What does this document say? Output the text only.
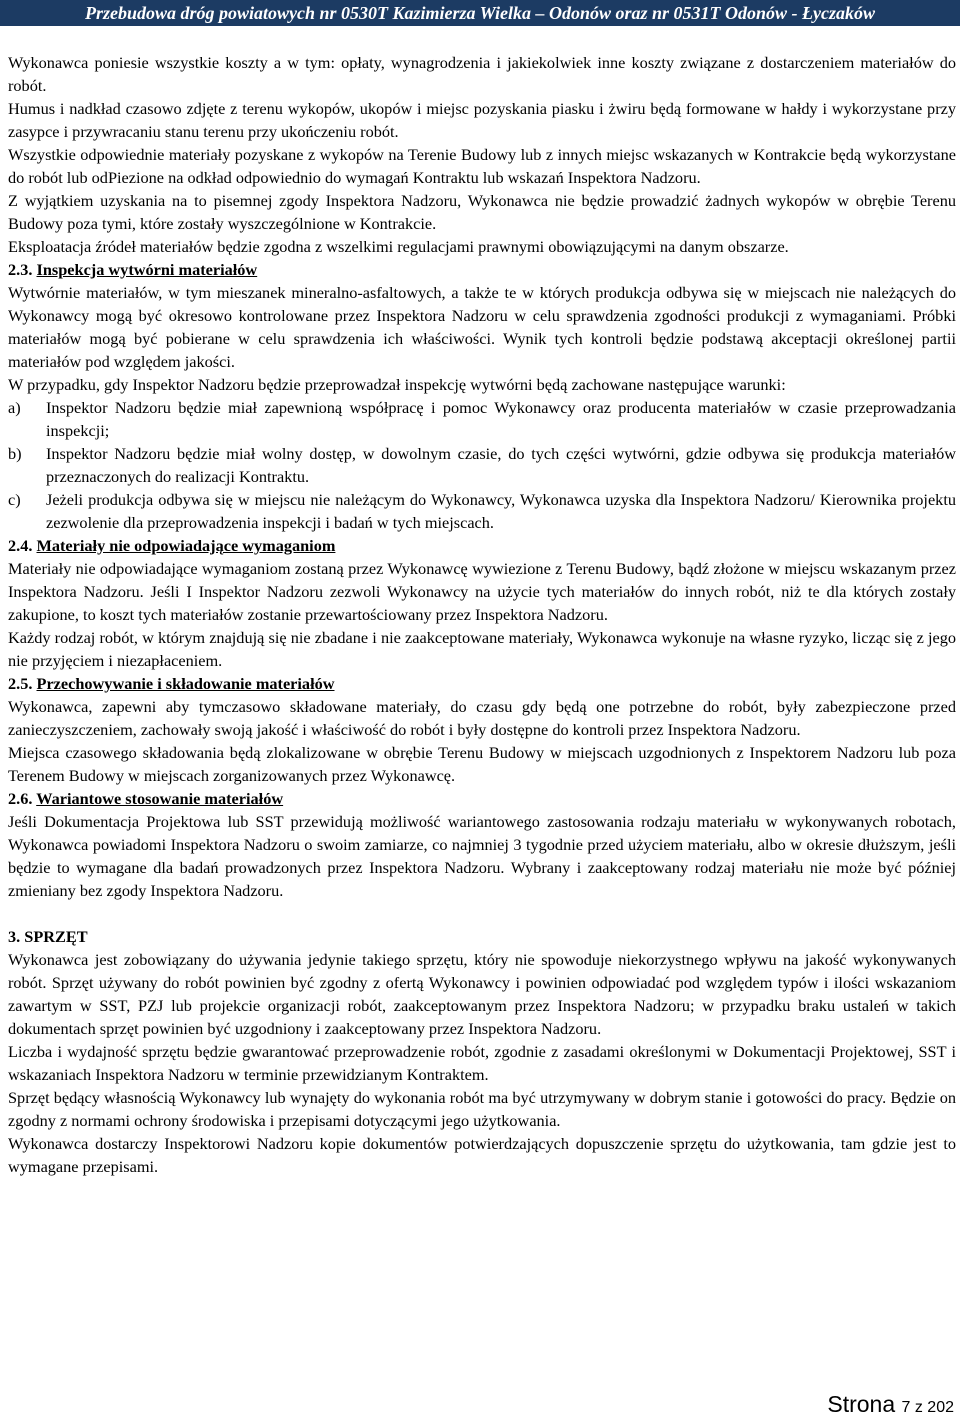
Przebudowa dróg powiatowych nr 0530T Kazimierza Wielka – Odonów oraz nr 0531T Odonów - Łyczaków

Wykonawca poniesie wszystkie koszty a w tym: opłaty, wynagrodzenia i jakiekolwiek inne koszty związane z dostarczeniem materiałów do robót.

Humus i nadkład czasowo zdjęte z terenu wykopów, ukopów i miejsc pozyskania piasku i żwiru będą formowane w hałdy i wykorzystane przy zasypce i przywracaniu stanu terenu przy ukończeniu robót.

Wszystkie odpowiednie materiały pozyskane z wykopów na Terenie Budowy lub z innych miejsc wskazanych w Kontrakcie będą wykorzystane do robót lub odPiezione na odkład odpowiednio do wymagań Kontraktu lub wskazań Inspektora Nadzoru.

Z wyjątkiem uzyskania na to pisemnej zgody Inspektora Nadzoru, Wykonawca nie będzie prowadzić żadnych wykopów w obrębie Terenu Budowy poza tymi, które zostały wyszczególnione w Kontrakcie.

Eksploatacja źródeł materiałów będzie zgodna z wszelkimi regulacjami prawnymi obowiązującymi na danym obszarze.

2.3. Inspekcja wytwórni materiałów

Wytwórnie materiałów, w tym mieszanek mineralno-asfaltowych, a także te w których produkcja odbywa się w miejscach nie należących do Wykonawcy mogą być okresowo kontrolowane przez Inspektora Nadzoru w celu sprawdzenia zgodności produkcji z wymaganiami. Próbki materiałów mogą być pobierane w celu sprawdzenia ich właściwości. Wynik tych kontroli będzie podstawą akceptacji określonej partii materiałów pod względem jakości.

W przypadku, gdy Inspektor Nadzoru będzie przeprowadzał inspekcję wytwórni będą zachowane następujące warunki:

a)	Inspektor Nadzoru będzie miał zapewnioną współpracę i pomoc Wykonawcy oraz producenta materiałów w czasie przeprowadzania inspekcji;
b)	Inspektor Nadzoru będzie miał wolny dostęp, w dowolnym czasie, do tych części wytwórni, gdzie odbywa się produkcja materiałów przeznaczonych do realizacji Kontraktu.
c)	Jeżeli produkcja odbywa się w miejscu nie należącym do Wykonawcy, Wykonawca uzyska dla Inspektora Nadzoru/ Kierownika projektu zezwolenie dla przeprowadzenia inspekcji i badań w tych miejscach.
2.4. Materiały nie odpowiadające wymaganiom

Materiały nie odpowiadające wymaganiom zostaną przez Wykonawcę wywiezione z Terenu Budowy, bądź złożone w miejscu wskazanym przez Inspektora Nadzoru. Jeśli I Inspektor Nadzoru zezwoli Wykonawcy na użycie tych materiałów do innych robót, niż te dla których zostały zakupione, to koszt tych materiałów zostanie przewartościowany przez Inspektora Nadzoru.

Każdy rodzaj robót, w którym znajdują się nie zbadane i nie zaakceptowane materiały, Wykonawca wykonuje na własne ryzyko, licząc się z jego nie przyjęciem i niezapłaceniem.

2.5. Przechowywanie i składowanie materiałów

Wykonawca, zapewni aby tymczasowo składowane materiały, do czasu gdy będą one potrzebne do robót, były zabezpieczone przed zanieczyszczeniem, zachowały swoją jakość i właściwość do robót i były dostępne do kontroli przez Inspektora Nadzoru.

Miejsca czasowego składowania będą zlokalizowane w obrębie Terenu Budowy w miejscach uzgodnionych z Inspektorem Nadzoru lub poza Terenem Budowy w miejscach zorganizowanych przez Wykonawcę.

2.6. Wariantowe stosowanie materiałów

Jeśli Dokumentacja Projektowa lub SST przewidują możliwość wariantowego zastosowania rodzaju materiału w wykonywanych robotach, Wykonawca powiadomi Inspektora Nadzoru o swoim zamiarze, co najmniej 3 tygodnie przed użyciem materiału, albo w okresie dłuższym, jeśli będzie to wymagane dla badań prowadzonych przez Inspektora Nadzoru. Wybrany i zaakceptowany rodzaj materiału nie może być później zmieniany bez zgody Inspektora Nadzoru.

3. SPRZĘT

Wykonawca jest zobowiązany do używania jedynie takiego sprzętu, który nie spowoduje niekorzystnego wpływu na jakość wykonywanych robót. Sprzęt używany do robót powinien być zgodny z ofertą Wykonawcy i powinien odpowiadać pod względem typów i ilości wskazaniom zawartym w SST, PZJ lub projekcie organizacji robót, zaakceptowanym przez Inspektora Nadzoru; w przypadku braku ustaleń w takich dokumentach sprzęt powinien być uzgodniony i zaakceptowany przez Inspektora Nadzoru.

Liczba i wydajność sprzętu będzie gwarantować przeprowadzenie robót, zgodnie z zasadami określonymi w Dokumentacji Projektowej, SST i wskazaniach Inspektora Nadzoru w terminie przewidzianym Kontraktem.

Sprzęt będący własnością Wykonawcy lub wynajęty do wykonania robót ma być utrzymywany w dobrym stanie i gotowości do pracy. Będzie on zgodny z normami ochrony środowiska i przepisami dotyczącymi jego użytkowania.

Wykonawca dostarczy Inspektorowi Nadzoru kopie dokumentów potwierdzających dopuszczenie sprzętu do użytkowania, tam gdzie jest to wymagane przepisami.

Strona 7 z 202
